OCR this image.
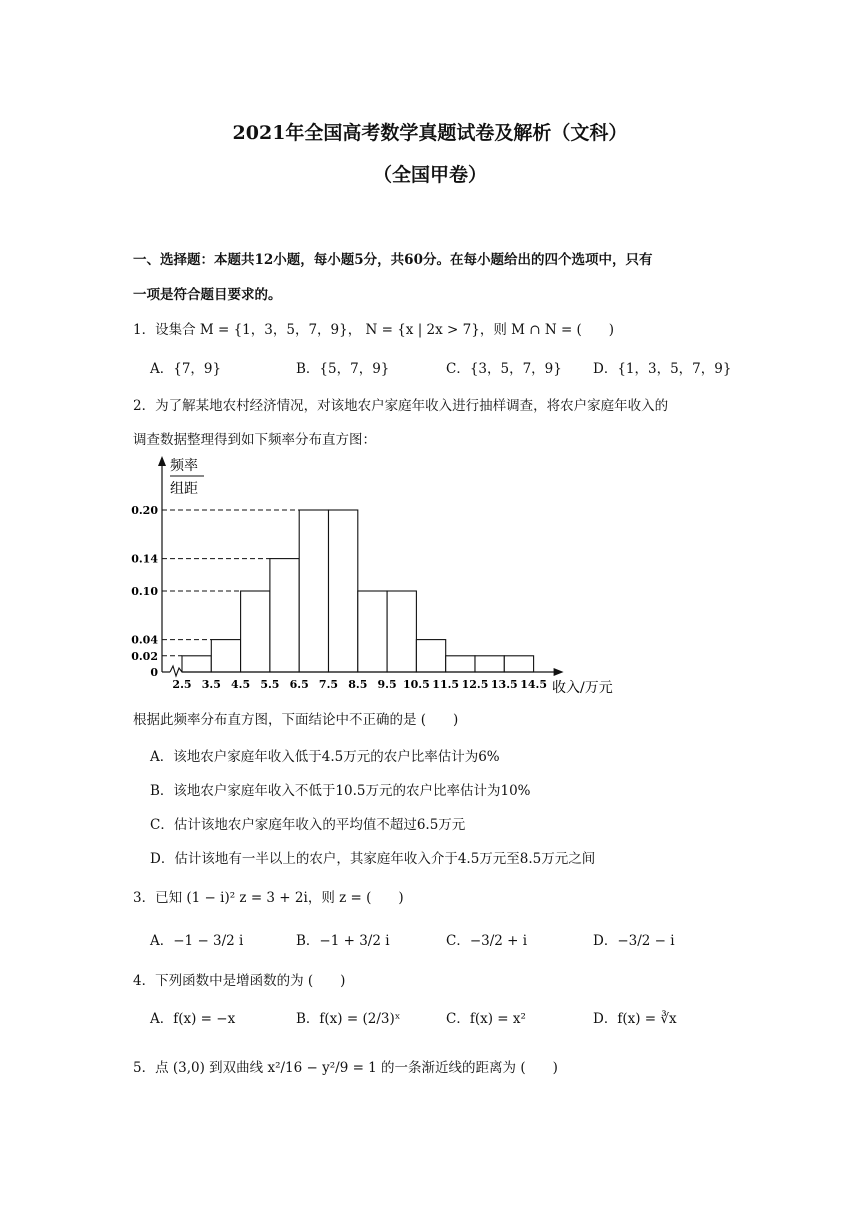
2021年全国高考数学真题试卷及解析（文科）
（全国甲卷）
一、选择题：本题共12小题，每小题5分，共60分。在每小题给出的四个选项中，只有
一项是符合题目要求的。
1．设集合 M = {1，3，5，7，9}， N = {x | 2x > 7}，则 M ∩ N = (　　)
A．{7，9}	B．{5，7，9}	C．{3，5，7，9} D．{1，3，5，7，9}
2．为了解某地农村经济情况，对该地农户家庭年收入进行抽样调查，将农户家庭年收入的
调查数据整理得到如下频率分布直方图：
频率
组距
收入/万元
0
0.02
0.04
0.10
0.14
0.20
2.5 3.5 4.5 5.5 6.5 7.5 8.5 9.5 10.5 11.5 12.5 13.5 14.5
根据此频率分布直方图，下面结论中不正确的是 (　　)
A．该地农户家庭年收入低于4.5万元的农户比率估计为6%
B．该地农户家庭年收入不低于10.5万元的农户比率估计为10%
C．估计该地农户家庭年收入的平均值不超过6.5万元
D．估计该地有一半以上的农户，其家庭年收入介于4.5万元至8.5万元之间
3．已知 (1 − i)² z = 3 + 2i，则 z = (　　)
A．−1 − 3/2 i	B．−1 + 3/2 i	C．−3/2 + i	D．−3/2 − i
4．下列函数中是增函数的为 (　　)
A．f(x) = −x	B．f(x) = (2/3)ˣ	C．f(x) = x²	D．f(x) = ∛x
5．点 (3,0) 到双曲线 x²/16 − y²/9 = 1 的一条渐近线的距离为 (　　)
